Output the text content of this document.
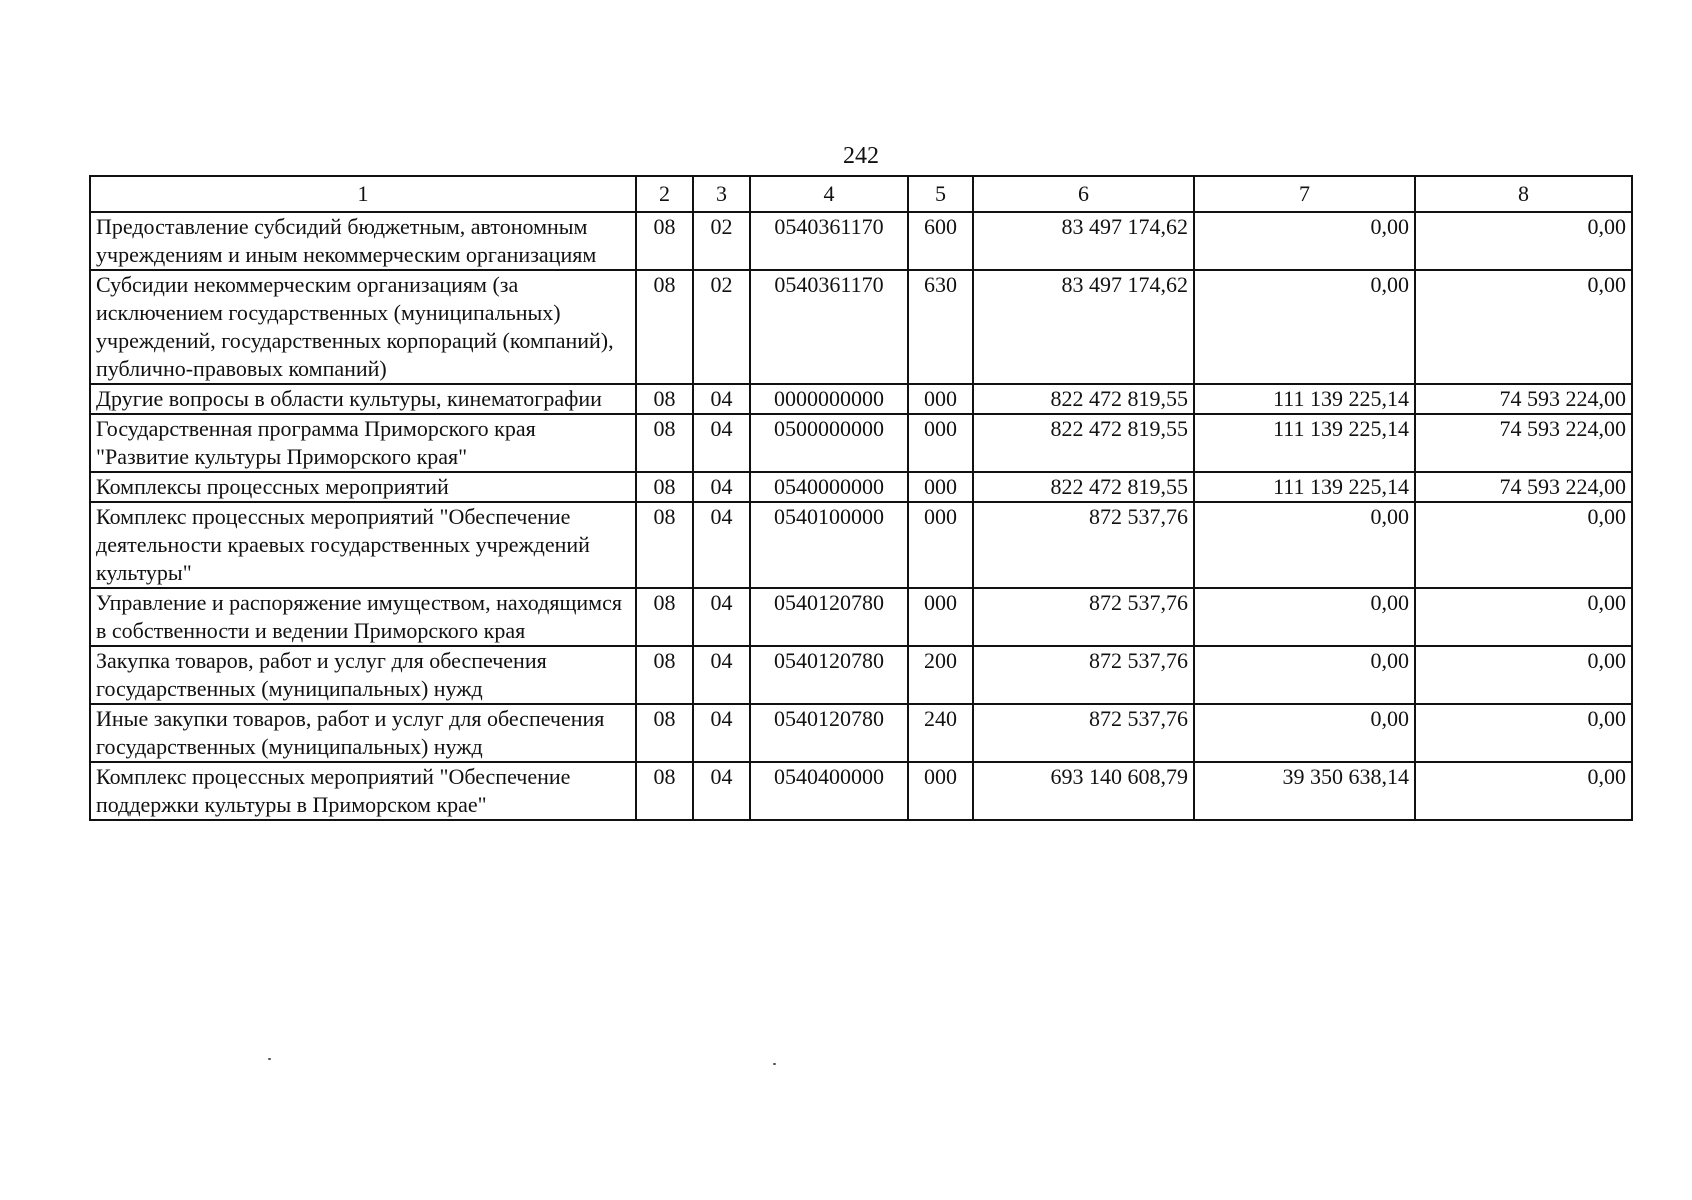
242
1	2	3	4	5	6	7	8
Предоставление субсидий бюджетным, автономным учреждениям и иным некоммерческим организациям	08	02	0540361170	600	83 497 174,62	0,00	0,00
Субсидии некоммерческим организациям (за исключением государственных (муниципальных) учреждений, государственных корпораций (компаний), публично-правовых компаний)	08	02	0540361170	630	83 497 174,62	0,00	0,00
Другие вопросы в области культуры, кинематографии	08	04	0000000000	000	822 472 819,55	111 139 225,14	74 593 224,00
Государственная программа Приморского края "Развитие культуры Приморского края"	08	04	0500000000	000	822 472 819,55	111 139 225,14	74 593 224,00
Комплексы процессных мероприятий	08	04	0540000000	000	822 472 819,55	111 139 225,14	74 593 224,00
Комплекс процессных мероприятий "Обеспечение деятельности краевых государственных учреждений культуры"	08	04	0540100000	000	872 537,76	0,00	0,00
Управление и распоряжение имуществом, находящимся в собственности и ведении Приморского края	08	04	0540120780	000	872 537,76	0,00	0,00
Закупка товаров, работ и услуг для обеспечения государственных (муниципальных) нужд	08	04	0540120780	200	872 537,76	0,00	0,00
Иные закупки товаров, работ и услуг для обеспечения государственных (муниципальных) нужд	08	04	0540120780	240	872 537,76	0,00	0,00
Комплекс процессных мероприятий "Обеспечение поддержки культуры в Приморском крае"	08	04	0540400000	000	693 140 608,79	39 350 638,14	0,00
